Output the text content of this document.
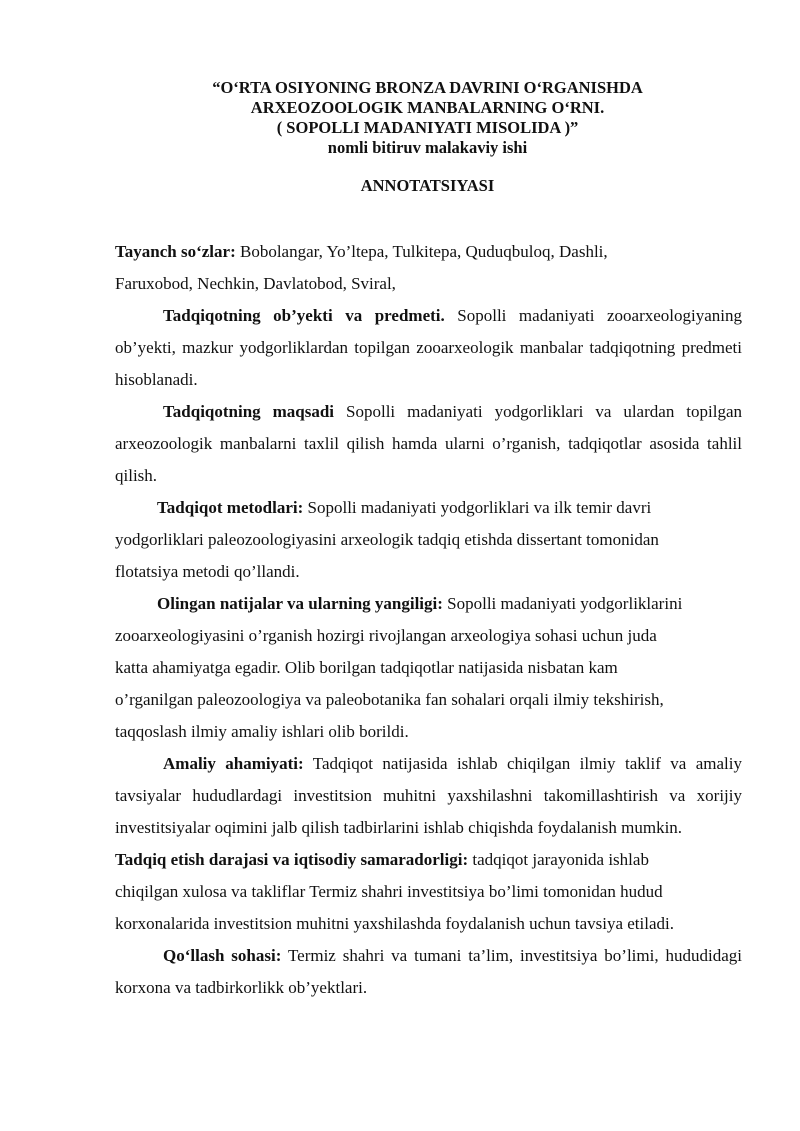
“O‘RTA OSIYONING BRONZA DAVRINI O‘RGANISHDA
ARXEOZOOLOGIK MANBALARNING O‘RNI.
( SOPOLLI MADANIYATI MISOLIDA )”
nomli bitiruv malakaviy ishi
ANNOTATSIYASI
Tayanch so‘zlar: Bobolangar, Yo’ltepa, Tulkitepa, Quduqbuloq, Dashli,
Faruxobod, Nechkin, Davlatobod, Sviral,
Tadqiqotning ob’yekti va predmeti. Sopolli madaniyati zooarxeologiyaning ob’yekti, mazkur yodgorliklardan topilgan zooarxeologik manbalar tadqiqotning predmeti hisoblanadi.
Tadqiqotning maqsadi Sopolli madaniyati yodgorliklari va ulardan topilgan arxeozoologik manbalarni taxlil qilish hamda ularni o’rganish, tadqiqotlar asosida tahlil qilish.
Tadqiqot metodlari: Sopolli madaniyati yodgorliklari va ilk temir davri
yodgorliklari paleozoologiyasini arxeologik tadqiq etishda dissertant tomonidan
flotatsiya metodi qo’llandi.
Olingan natijalar va ularning yangiligi: Sopolli madaniyati yodgorliklarini
zooarxeologiyasini o’rganish hozirgi rivojlangan arxeologiya sohasi uchun juda
katta ahamiyatga egadir. Olib borilgan tadqiqotlar natijasida nisbatan kam
o’rganilgan paleozoologiya va paleobotanika fan sohalari orqali ilmiy tekshirish,
taqqoslash ilmiy amaliy ishlari olib borildi.
Amaliy ahamiyati: Tadqiqot natijasida ishlab chiqilgan ilmiy taklif va amaliy tavsiyalar hududlardagi investitsion muhitni yaxshilashni takomillashtirish va xorijiy investitsiyalar oqimini jalb qilish tadbirlarini ishlab chiqishda foydalanish mumkin.
Tadqiq etish darajasi va iqtisodiy samaradorligi: tadqiqot jarayonida ishlab
chiqilgan xulosa va takliflar Termiz shahri investitsiya bo’limi tomonidan hudud
korxonalarida investitsion muhitni yaxshilashda foydalanish uchun tavsiya etiladi.
Qo‘llash sohasi: Termiz shahri va tumani ta’lim, investitsiya bo’limi, hududidagi korxona va tadbirkorlikk ob’yektlari.
